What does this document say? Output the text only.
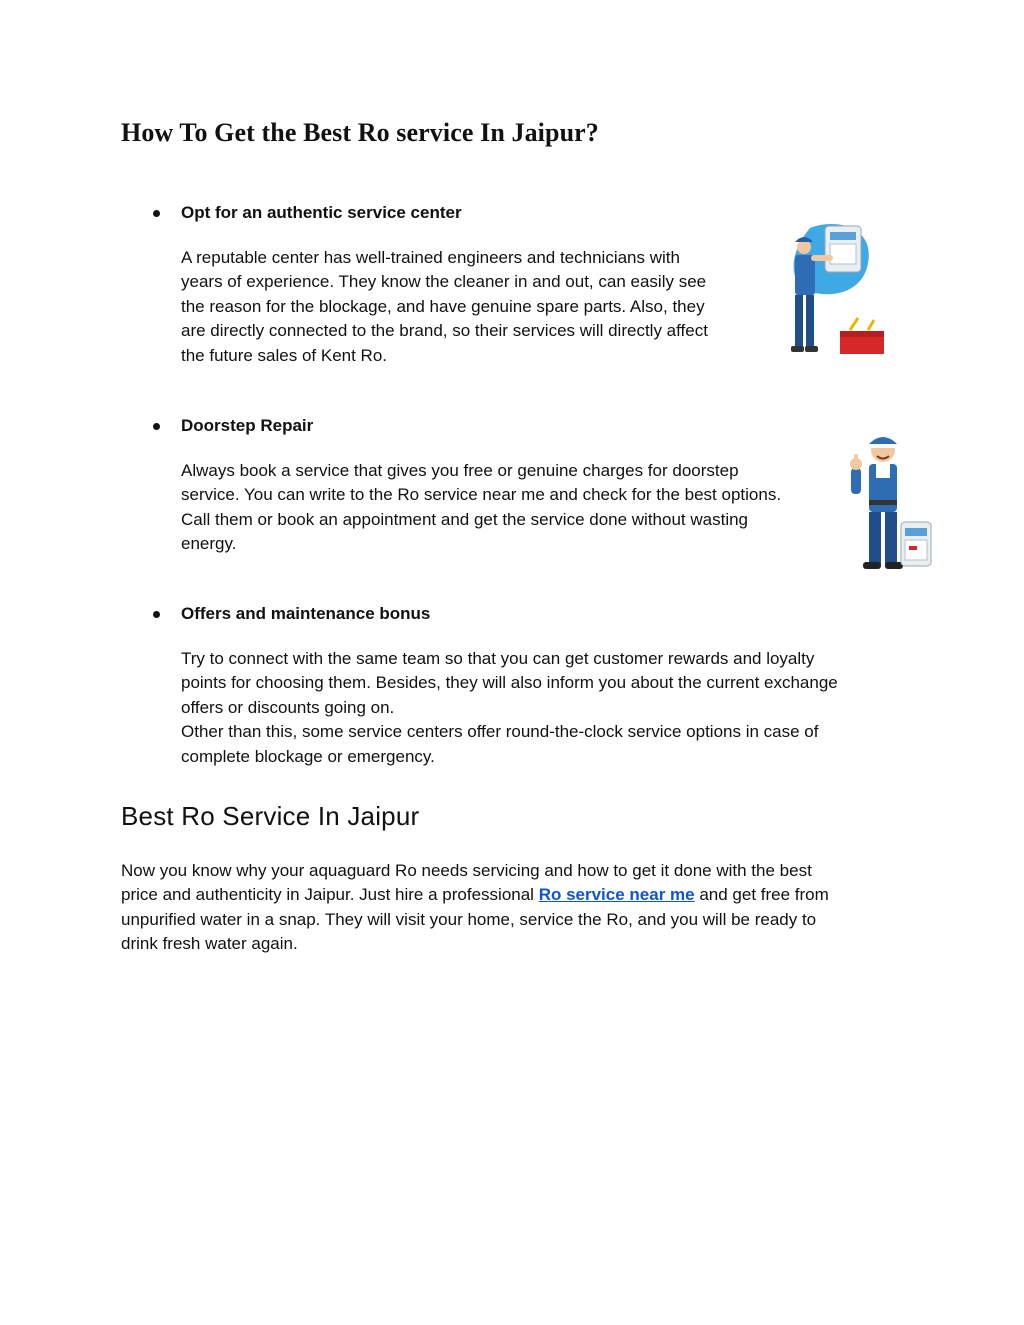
How To Get the Best Ro service In Jaipur?
Opt for an authentic service center

A reputable center has well-trained engineers and technicians with
years of experience. They know the cleaner in and out, can easily see
the reason for the blockage, and have genuine spare parts. Also, they
are directly connected to the brand, so their services will directly affect
the future sales of Kent Ro.

Doorstep Repair

Always book a service that gives you free or genuine charges for doorstep
service. You can write to the Ro service near me and check for the best options.
Call them or book an appointment and get the service done without wasting
energy.

Offers and maintenance bonus

Try to connect with the same team so that you can get customer rewards and loyalty
points for choosing them. Besides, they will also inform you about the current exchange
offers or discounts going on.
Other than this, some service centers offer round-the-clock service options in case of
complete blockage or emergency.

Best Ro Service In Jaipur

Now you know why your aquaguard Ro needs servicing and how to get it done with the best
price and authenticity in Jaipur. Just hire a professional Ro service near me and get free from
unpurified water in a snap. They will visit your home, service the Ro, and you will be ready to
drink fresh water again.
